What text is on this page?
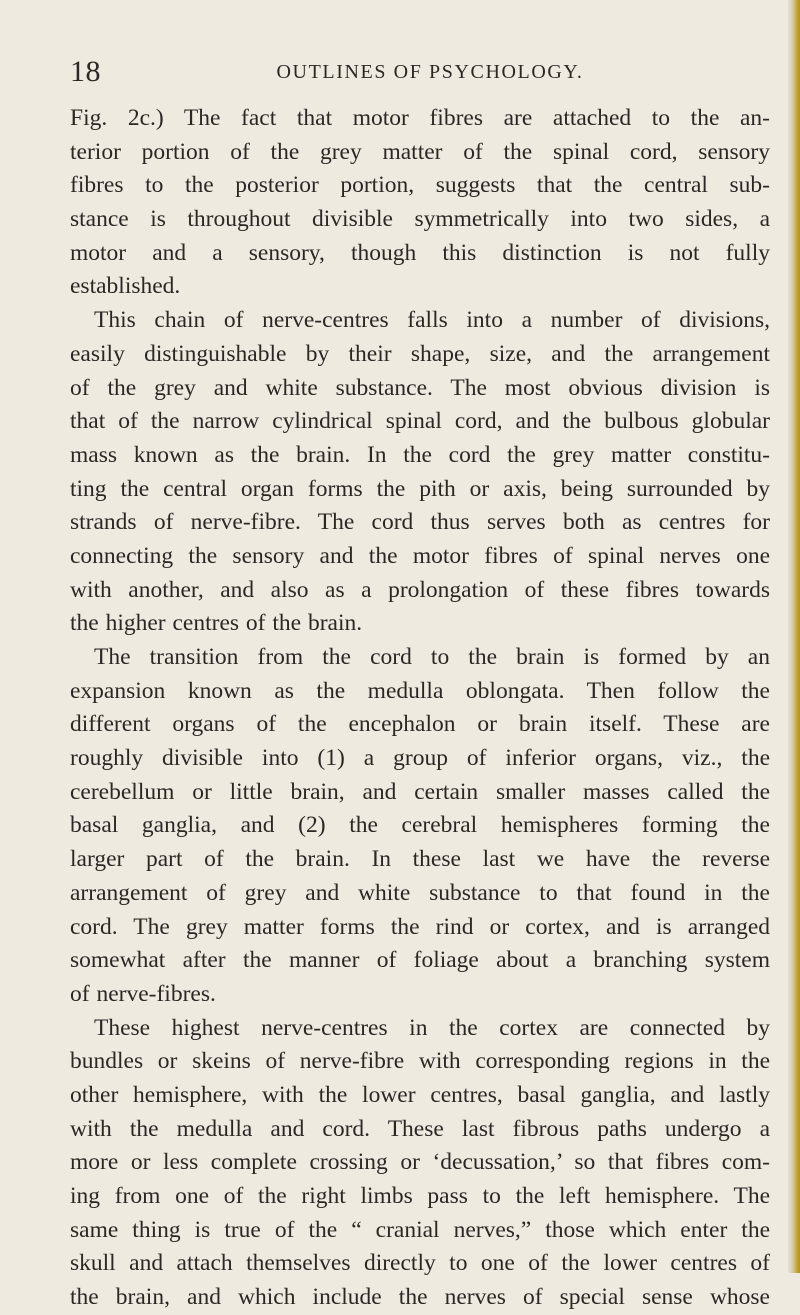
18	OUTLINES OF PSYCHOLOGY.
Fig. 2c.) The fact that motor fibres are attached to the an-
terior portion of the grey matter of the spinal cord, sensory
fibres to the posterior portion, suggests that the central sub-
stance is throughout divisible symmetrically into two sides, a
motor and a sensory, though this distinction is not fully
established.
This chain of nerve-centres falls into a number of divisions,
easily distinguishable by their shape, size, and the arrangement
of the grey and white substance. The most obvious division is
that of the narrow cylindrical spinal cord, and the bulbous globular
mass known as the brain. In the cord the grey matter constitu-
ting the central organ forms the pith or axis, being surrounded by
strands of nerve-fibre. The cord thus serves both as centres for
connecting the sensory and the motor fibres of spinal nerves one
with another, and also as a prolongation of these fibres towards
the higher centres of the brain.
The transition from the cord to the brain is formed by an
expansion known as the medulla oblongata. Then follow the
different organs of the encephalon or brain itself. These are
roughly divisible into (1) a group of inferior organs, viz., the
cerebellum or little brain, and certain smaller masses called the
basal ganglia, and (2) the cerebral hemispheres forming the
larger part of the brain. In these last we have the reverse
arrangement of grey and white substance to that found in the
cord. The grey matter forms the rind or cortex, and is arranged
somewhat after the manner of foliage about a branching system
of nerve-fibres.
These highest nerve-centres in the cortex are connected by
bundles or skeins of nerve-fibre with corresponding regions in the
other hemisphere, with the lower centres, basal ganglia, and lastly
with the medulla and cord. These last fibrous paths undergo a
more or less complete crossing or ‘decussation,’ so that fibres com-
ing from one of the right limbs pass to the left hemisphere. The
same thing is true of the “ cranial nerves,” those which enter the
skull and attach themselves directly to one of the lower centres of
the brain, and which include the nerves of special sense whose
